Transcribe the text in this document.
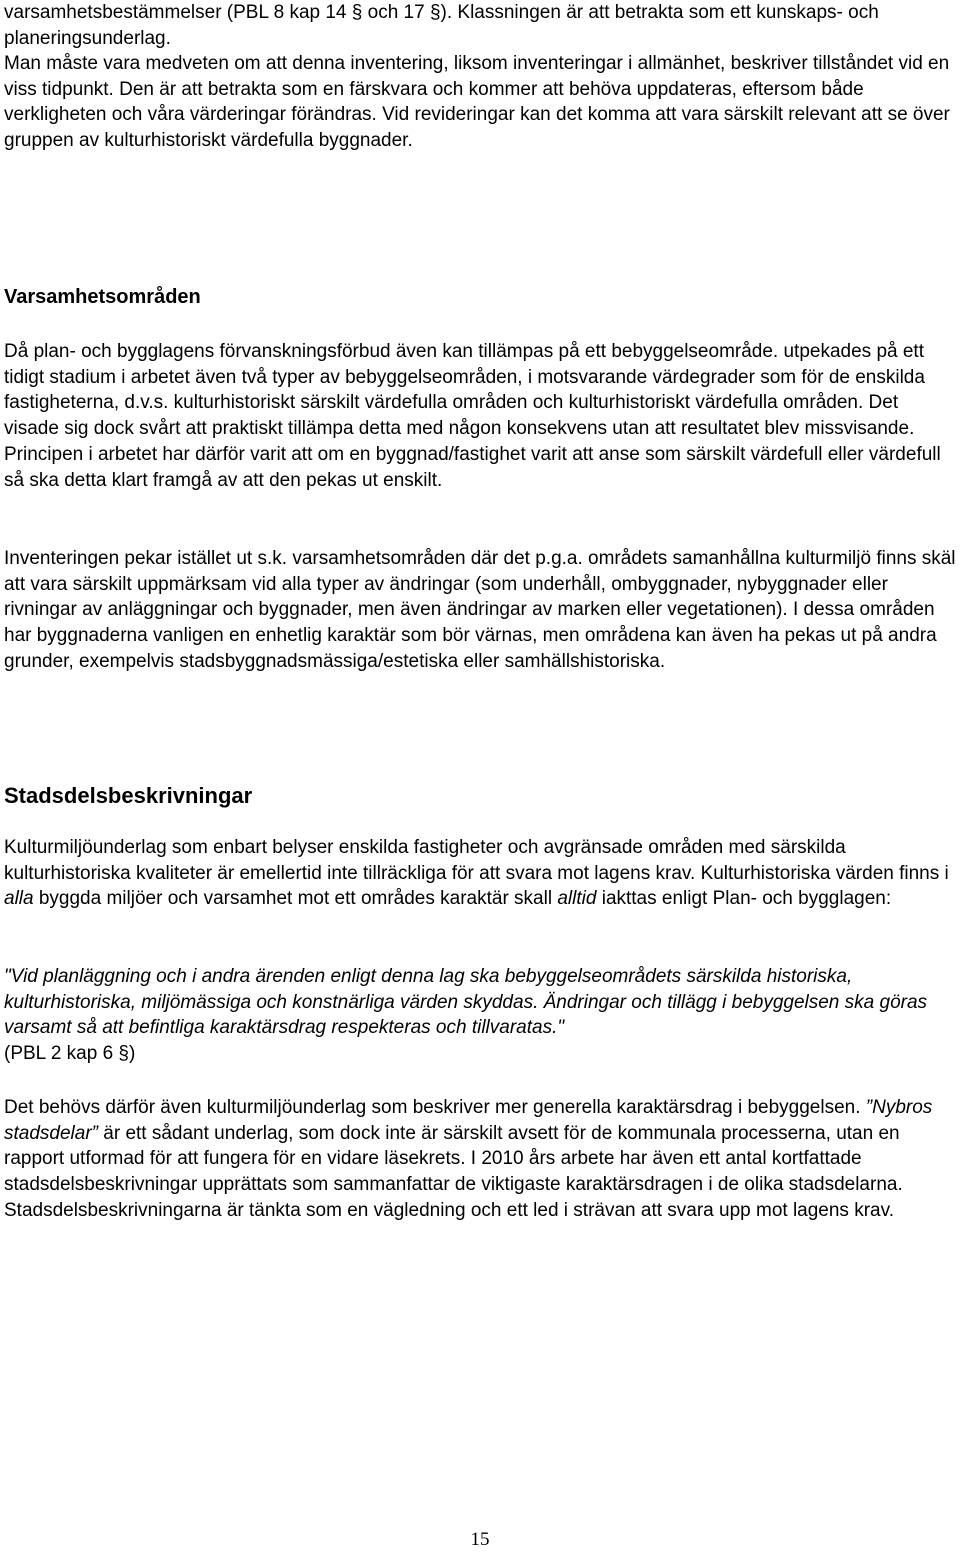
varsamhetsbestämmelser (PBL 8 kap 14 § och 17 §). Klassningen är att betrakta som ett kunskaps- och planeringsunderlag.

Man måste vara medveten om att denna inventering, liksom inventeringar i allmänhet, beskriver tillståndet vid en viss tidpunkt. Den är att betrakta som en färskvara och kommer att behöva uppdateras, eftersom både verkligheten och våra värderingar förändras. Vid revideringar kan det komma att vara särskilt relevant att se över gruppen av kulturhistoriskt värdefulla byggnader.

Varsamhetsområden

Då plan- och bygglagens förvanskningsförbud även kan tillämpas på ett bebyggelseområde. utpekades på ett tidigt stadium i arbetet även två typer av bebyggelseområden, i motsvarande värdegrader som för de enskilda fastigheterna, d.v.s. kulturhistoriskt särskilt värdefulla områden och kulturhistoriskt värdefulla områden. Det visade sig dock svårt att praktiskt tillämpa detta med någon konsekvens utan att resultatet blev missvisande. Principen i arbetet har därför varit att om en byggnad/fastighet varit att anse som särskilt värdefull eller värdefull så ska detta klart framgå av att den pekas ut enskilt.

Inventeringen pekar istället ut s.k. varsamhetsområden där det p.g.a. områdets samanhållna kulturmiljö finns skäl att vara särskilt uppmärksam vid alla typer av ändringar (som underhåll, ombyggnader, nybyggnader eller rivningar av anläggningar och byggnader, men även ändringar av marken eller vegetationen). I dessa områden har byggnaderna vanligen en enhetlig karaktär som bör värnas, men områdena kan även ha pekas ut på andra grunder, exempelvis stadsbyggnadsmässiga/estetiska eller samhällshistoriska.

Stadsdelsbeskrivningar

Kulturmiljöunderlag som enbart belyser enskilda fastigheter och avgränsade områden med särskilda kulturhistoriska kvaliteter är emellertid inte tillräckliga för att svara mot lagens krav. Kulturhistoriska värden finns i alla byggda miljöer och varsamhet mot ett områdes karaktär skall alltid iakttas enligt Plan- och bygglagen:

"Vid planläggning och i andra ärenden enligt denna lag ska bebyggelseområdets särskilda historiska, kulturhistoriska, miljömässiga och konstnärliga värden skyddas. Ändringar och tillägg i bebyggelsen ska göras varsamt så att befintliga karaktärsdrag respekteras och tillvaratas."
(PBL 2 kap 6 §)

Det behövs därför även kulturmiljöunderlag som beskriver mer generella karaktärsdrag i bebyggelsen. ”Nybros stadsdelar” är ett sådant underlag, som dock inte är särskilt avsett för de kommunala processerna, utan en rapport utformad för att fungera för en vidare läsekrets. I 2010 års arbete har även ett antal kortfattade stadsdelsbeskrivningar upprättats som sammanfattar de viktigaste karaktärsdragen i de olika stadsdelarna. Stadsdelsbeskrivningarna är tänkta som en vägledning och ett led i strävan att svara upp mot lagens krav.

15
